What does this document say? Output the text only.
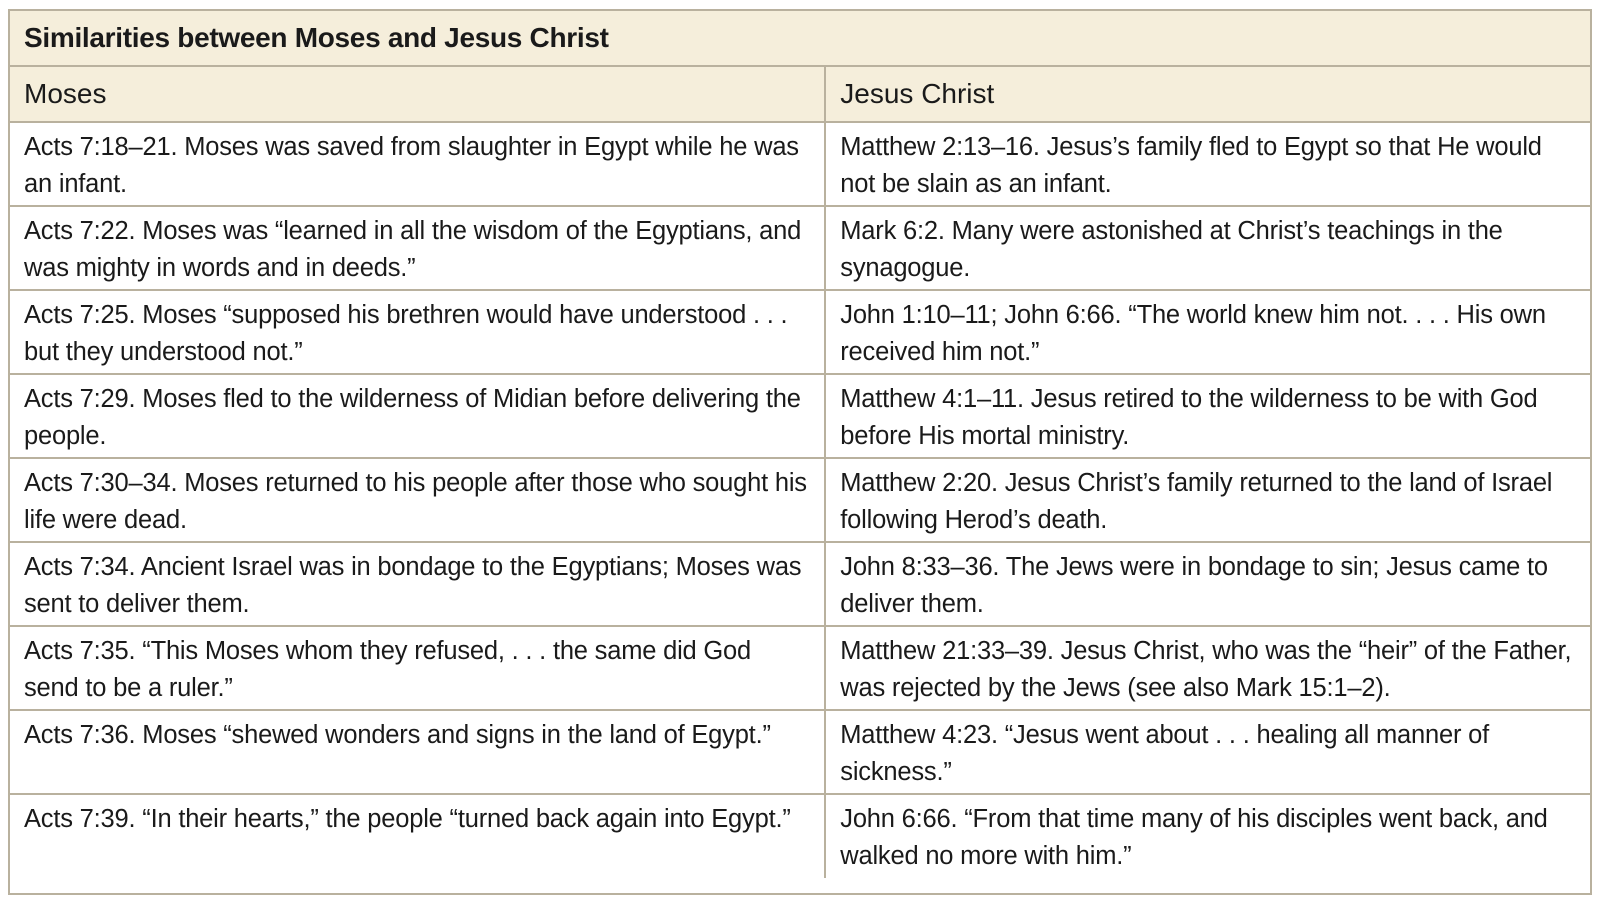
Similarities between Moses and Jesus Christ
Moses	Jesus Christ
Acts 7:18–21. Moses was saved from slaughter in Egypt while he was an infant.	Matthew 2:13–16. Jesus’s family fled to Egypt so that He would not be slain as an infant.
Acts 7:22. Moses was “learned in all the wisdom of the Egyptians, and was mighty in words and in deeds.”	Mark 6:2. Many were astonished at Christ’s teachings in the synagogue.
Acts 7:25. Moses “supposed his brethren would have understood . . . but they understood not.”	John 1:10–11; John 6:66. “The world knew him not. . . . His own received him not.”
Acts 7:29. Moses fled to the wilderness of Midian before delivering the people.	Matthew 4:1–11. Jesus retired to the wilderness to be with God before His mortal ministry.
Acts 7:30–34. Moses returned to his people after those who sought his life were dead.	Matthew 2:20. Jesus Christ’s family returned to the land of Israel following Herod’s death.
Acts 7:34. Ancient Israel was in bondage to the Egyptians; Moses was sent to deliver them.	John 8:33–36. The Jews were in bondage to sin; Jesus came to deliver them.
Acts 7:35. “This Moses whom they refused, . . . the same did God send to be a ruler.”	Matthew 21:33–39. Jesus Christ, who was the “heir” of the Father, was rejected by the Jews (see also Mark 15:1–2).
Acts 7:36. Moses “shewed wonders and signs in the land of Egypt.”	Matthew 4:23. “Jesus went about . . . healing all manner of sickness.”
Acts 7:39. “In their hearts,” the people “turned back again into Egypt.”	John 6:66. “From that time many of his disciples went back, and walked no more with him.”
